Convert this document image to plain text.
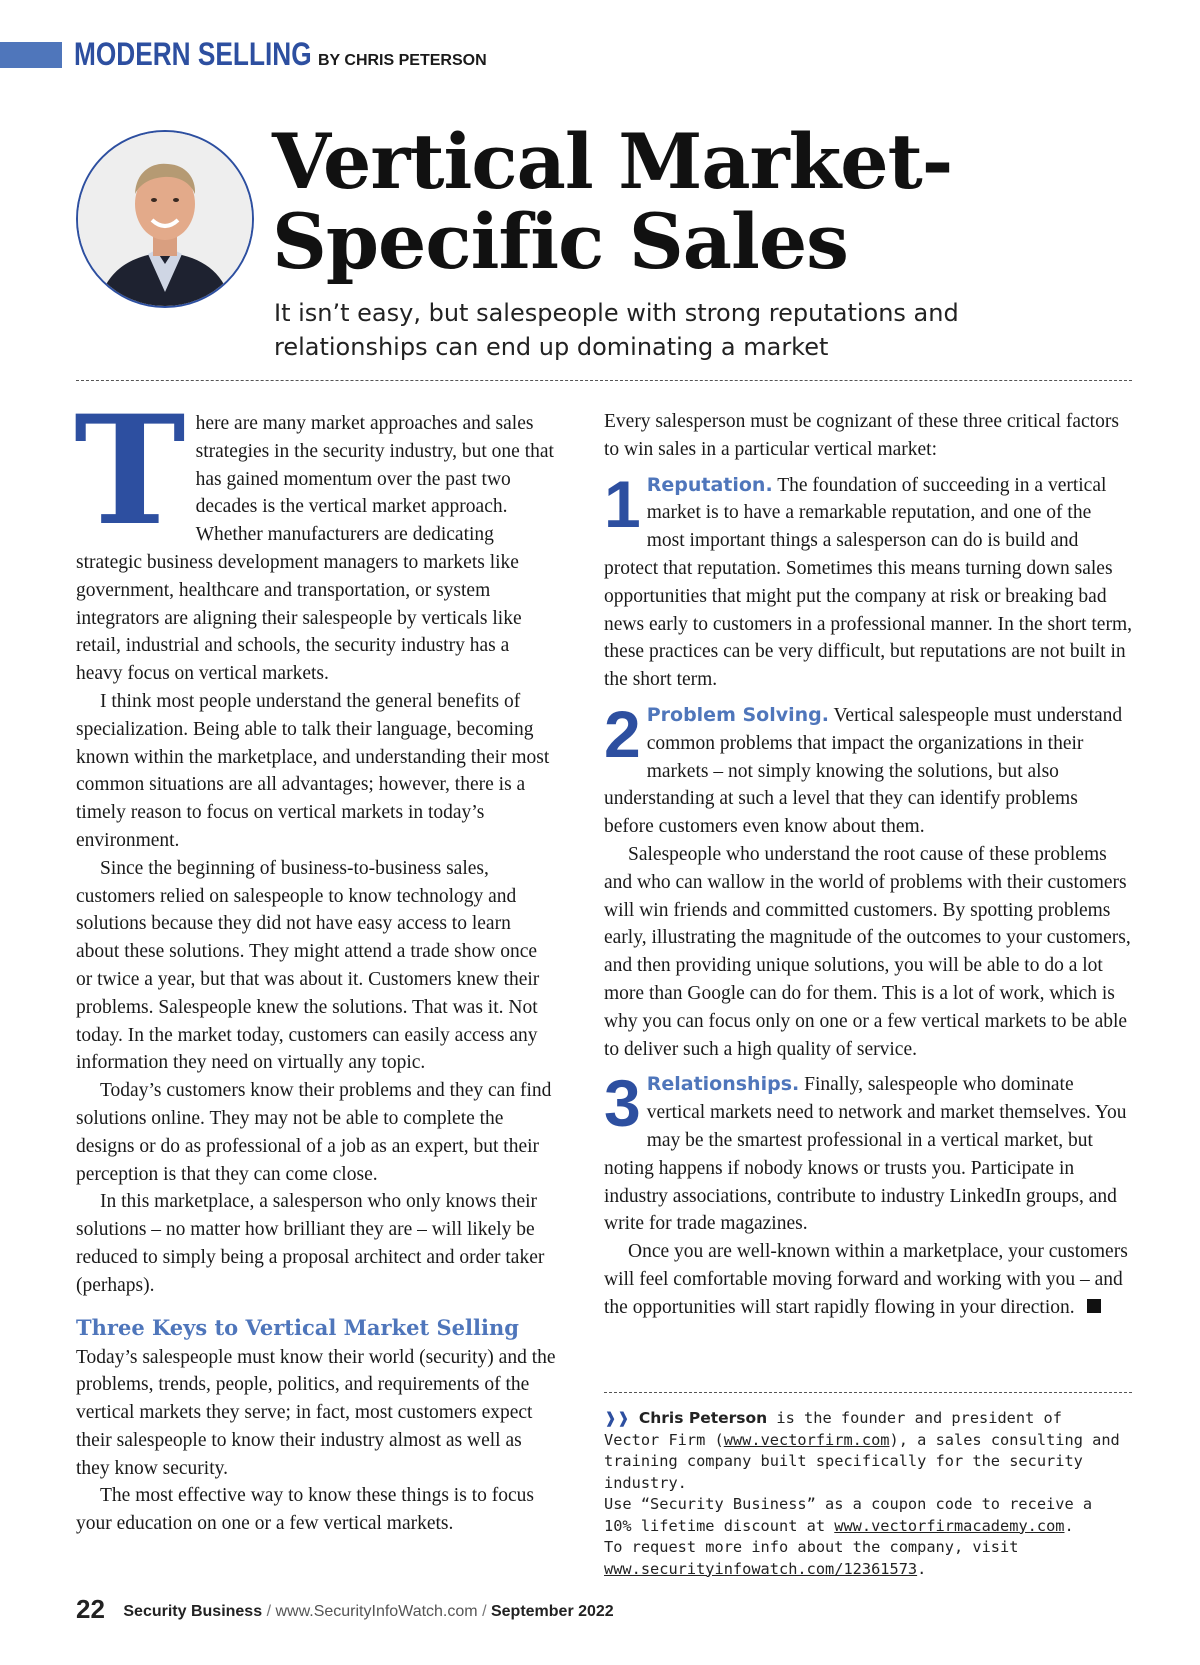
MODERN SELLING BY CHRIS PETERSON
Vertical Market-
Specific Sales

It isn’t easy, but salespeople with strong reputations and relationships can end up dominating a market

There are many market approaches and sales strategies in the security industry, but one that has gained momentum over the past two decades is the vertical market approach. Whether manufacturers are dedicating strategic business development managers to markets like government, healthcare and transportation, or system integrators are aligning their salespeople by verticals like retail, industrial and schools, the security industry has a heavy focus on vertical markets.

I think most people understand the general benefits of specialization. Being able to talk their language, becoming known within the marketplace, and understanding their most common situations are all advantages; however, there is a timely reason to focus on vertical markets in today’s environment.

Since the beginning of business-to-business sales, customers relied on salespeople to know technology and solutions because they did not have easy access to learn about these solutions. They might attend a trade show once or twice a year, but that was about it. Customers knew their problems. Salespeople knew the solutions. That was it. Not today. In the market today, customers can easily access any information they need on virtually any topic.

Today’s customers know their problems and they can find solutions online. They may not be able to complete the designs or do as professional of a job as an expert, but their perception is that they can come close.

In this marketplace, a salesperson who only knows their solutions – no matter how brilliant they are – will likely be reduced to simply being a proposal architect and order taker (perhaps).

Three Keys to Vertical Market Selling

Today’s salespeople must know their world (security) and the problems, trends, people, politics, and requirements of the vertical markets they serve; in fact, most customers expect their salespeople to know their industry almost as well as they know security.

The most effective way to know these things is to focus your education on one or a few vertical markets.

Every salesperson must be cognizant of these three critical factors to win sales in a particular vertical market:

1 Reputation. The foundation of succeeding in a vertical market is to have a remarkable reputation, and one of the most important things a salesperson can do is build and protect that reputation. Sometimes this means turning down sales opportunities that might put the company at risk or breaking bad news early to customers in a professional manner. In the short term, these practices can be very difficult, but reputations are not built in the short term.

2 Problem Solving. Vertical salespeople must understand common problems that impact the organizations in their markets – not simply knowing the solutions, but also understanding at such a level that they can identify problems before customers even know about them.

Salespeople who understand the root cause of these problems and who can wallow in the world of problems with their customers will win friends and committed customers. By spotting problems early, illustrating the magnitude of the outcomes to your customers, and then providing unique solutions, you will be able to do a lot more than Google can do for them. This is a lot of work, which is why you can focus only on one or a few vertical markets to be able to deliver such a high quality of service.

3 Relationships. Finally, salespeople who dominate vertical markets need to network and market themselves. You may be the smartest professional in a vertical market, but noting happens if nobody knows or trusts you. Participate in industry associations, contribute to industry LinkedIn groups, and write for trade magazines.

Once you are well-known within a marketplace, your customers will feel comfortable moving forward and working with you – and the opportunities will start rapidly flowing in your direction.

❱❱ Chris Peterson is the founder and president of Vector Firm (www.vectorfirm.com), a sales consulting and training company built specifically for the security industry.
Use “Security Business” as a coupon code to receive a 10% lifetime discount at www.vectorfirmacademy.com.
To request more info about the company, visit
www.securityinfowatch.com/12361573.
22 Security Business / www.SecurityInfoWatch.com / September 2022
